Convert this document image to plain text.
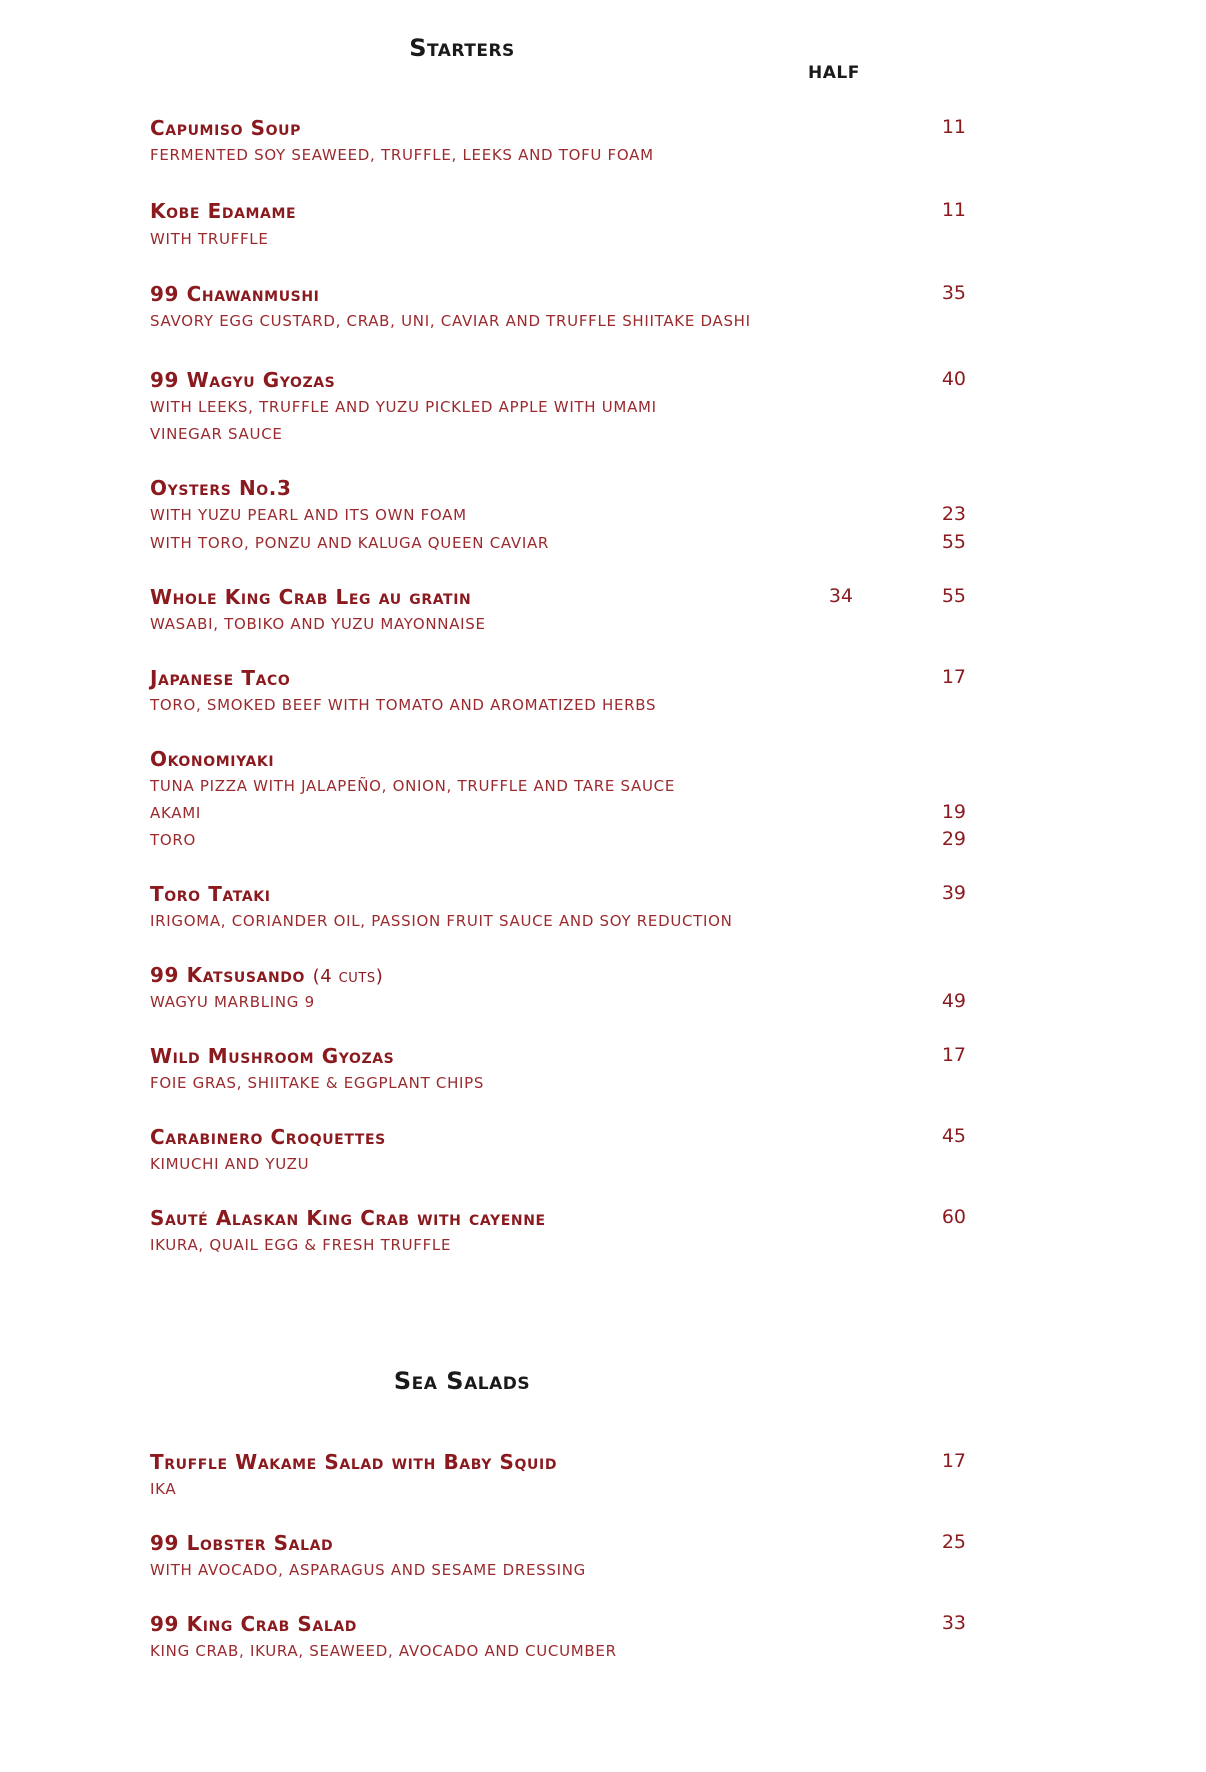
Starters
HALF
Capumiso Soup	11
FERMENTED SOY SEAWEED, TRUFFLE, LEEKS AND TOFU FOAM
Kobe Edamame	11
WITH TRUFFLE
99 Chawanmushi	35
SAVORY EGG CUSTARD, CRAB, UNI, CAVIAR AND TRUFFLE SHIITAKE DASHI
99 Wagyu Gyozas	40
WITH LEEKS, TRUFFLE AND YUZU PICKLED APPLE WITH UMAMI
VINEGAR SAUCE
Oysters No.3
WITH YUZU PEARL AND ITS OWN FOAM	23
WITH TORO, PONZU AND KALUGA QUEEN CAVIAR	55
Whole King Crab Leg au gratin	34	55
WASABI, TOBIKO AND YUZU MAYONNAISE
Japanese Taco	17
TORO, SMOKED BEEF WITH TOMATO AND AROMATIZED HERBS
Okonomiyaki
TUNA PIZZA WITH JALAPEÑO, ONION, TRUFFLE AND TARE SAUCE
AKAMI	19
TORO	29
Toro Tataki	39
IRIGOMA, CORIANDER OIL, PASSION FRUIT SAUCE AND SOY REDUCTION
99 Katsusando (4 cuts)
WAGYU MARBLING 9	49
Wild Mushroom Gyozas	17
FOIE GRAS, SHIITAKE & EGGPLANT CHIPS
Carabinero Croquettes	45
KIMUCHI AND YUZU
Sauté Alaskan King Crab with cayenne	60
IKURA, QUAIL EGG & FRESH TRUFFLE
Sea Salads
Truffle Wakame Salad with Baby Squid	17
IKA
99 Lobster Salad	25
WITH AVOCADO, ASPARAGUS AND SESAME DRESSING
99 King Crab Salad	33
KING CRAB, IKURA, SEAWEED, AVOCADO AND CUCUMBER
